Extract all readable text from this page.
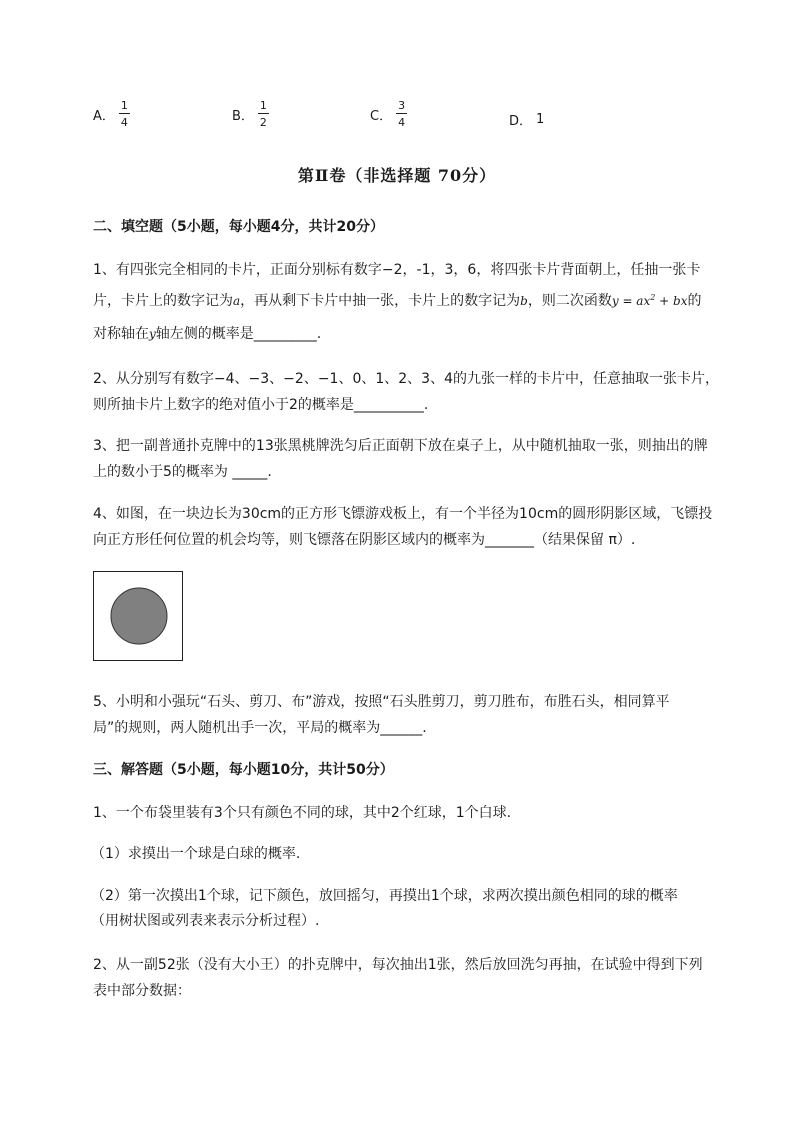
A． $\frac{1}{4}$	B． $\frac{1}{2}$	C． $\frac{3}{4}$	D． 1
第Ⅱ卷（非选择题 70分）
二、填空题（5小题，每小题4分，共计20分）
1、有四张完全相同的卡片，正面分别标有数字−2，-1，3，6，将四张卡片背面朝上，任抽一张卡
片，卡片上的数字记为a，再从剩下卡片中抽一张，卡片上的数字记为b，则二次函数$y = ax^2$ + bx的
对称轴在y轴左侧的概率是_________.
2、从分别写有数字−4、−3、−2、−1、0、1、2、3、4的九张一样的卡片中，任意抽取一张卡片，
则所抽卡片上数字的绝对值小于2的概率是__________.
3、把一副普通扑克牌中的13张黑桃牌洗匀后正面朝下放在桌子上，从中随机抽取一张，则抽出的牌
上的数小于5的概率为 _____.
4、如图，在一块边长为30cm的正方形飞镖游戏板上，有一个半径为10cm的圆形阴影区域，飞镖投
向正方形任何位置的机会均等，则飞镖落在阴影区域内的概率为_______（结果保留 π）.
5、小明和小强玩“石头、剪刀、布”游戏，按照“石头胜剪刀，剪刀胜布，布胜石头，相同算平
局”的规则，两人随机出手一次，平局的概率为______.
三、解答题（5小题，每小题10分，共计50分）
1、一个布袋里装有3个只有颜色不同的球，其中2个红球，1个白球.
（1）求摸出一个球是白球的概率.
（2）第一次摸出1个球，记下颜色，放回摇匀，再摸出1个球，求两次摸出颜色相同的球的概率
（用树状图或列表来表示分析过程）.
2、从一副52张（没有大小王）的扑克牌中，每次抽出1张，然后放回洗匀再抽，在试验中得到下列
表中部分数据：
